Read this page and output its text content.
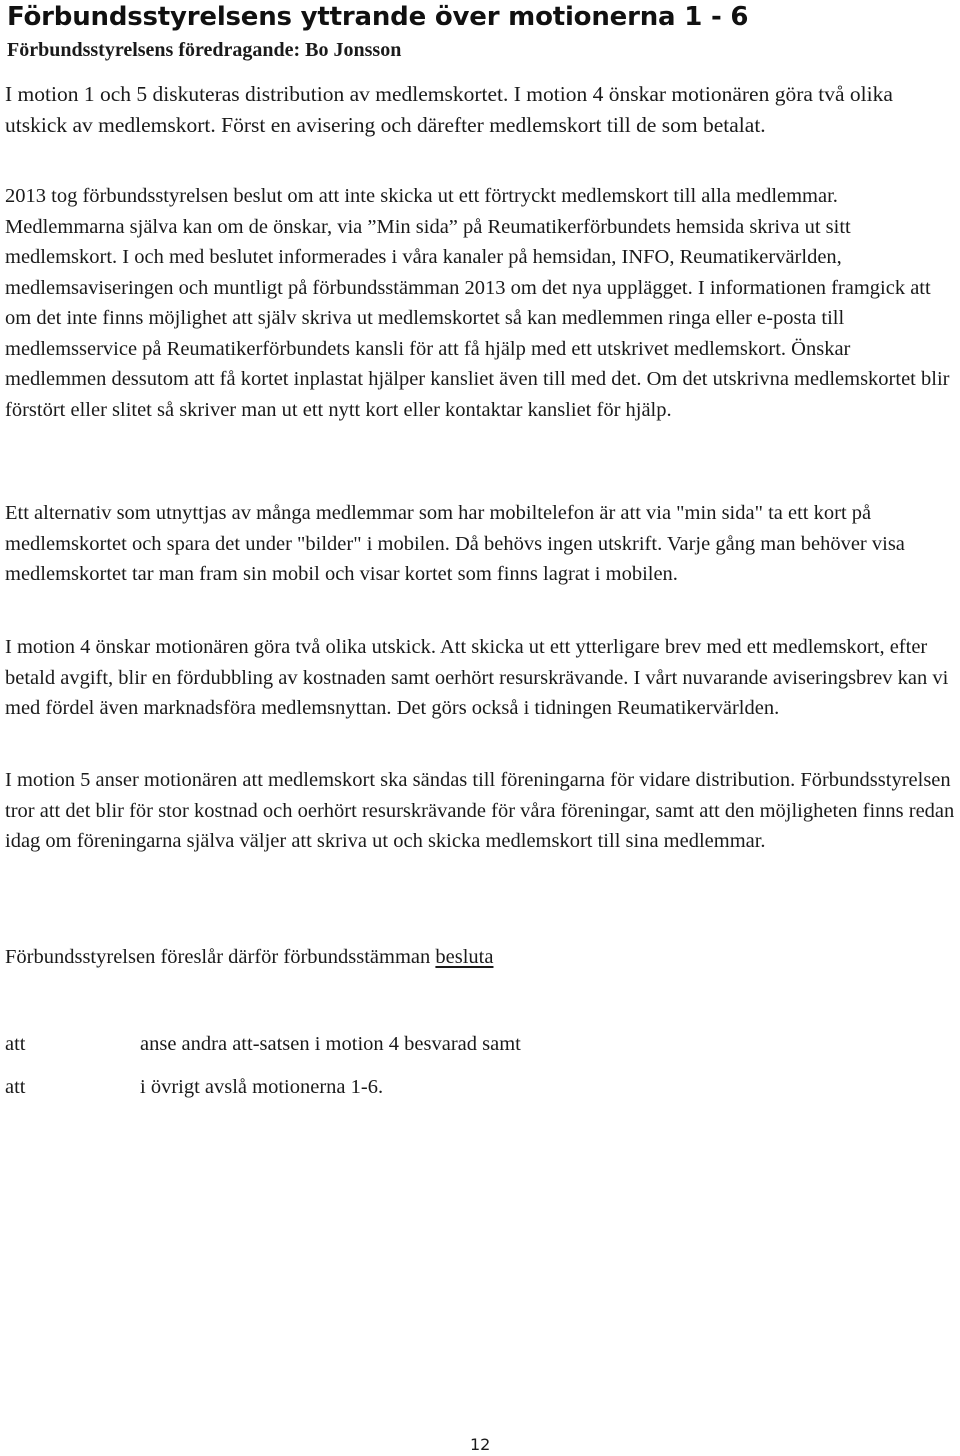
Förbundsstyrelsens yttrande över motionerna 1 - 6

Förbundsstyrelsens föredragande: Bo Jonsson

I motion 1 och 5 diskuteras distribution av medlemskortet. I motion 4 önskar motionären göra två olika utskick av medlemskort. Först en avisering och därefter medlemskort till de som betalat.

2013 tog förbundsstyrelsen beslut om att inte skicka ut ett förtryckt medlemskort till alla medlemmar. Medlemmarna själva kan om de önskar, via ”Min sida” på Reumatikerförbundets hemsida skriva ut sitt medlemskort. I och med beslutet informerades i våra kanaler på hemsidan, INFO, Reumatikervärlden, medlemsaviseringen och muntligt på förbundsstämman 2013 om det nya upplägget. I informationen framgick att om det inte finns möjlighet att själv skriva ut medlemskortet så kan medlemmen ringa eller e-posta till medlemsservice på Reumatikerförbundets kansli för att få hjälp med ett utskrivet medlemskort. Önskar medlemmen dessutom att få kortet inplastat hjälper kansliet även till med det. Om det utskrivna medlemskortet blir förstört eller slitet så skriver man ut ett nytt kort eller kontaktar kansliet för hjälp.

Ett alternativ som utnyttjas av många medlemmar som har mobiltelefon är att via "min sida" ta ett kort på medlemskortet och spara det under "bilder" i mobilen. Då behövs ingen utskrift. Varje gång man behöver visa medlemskortet tar man fram sin mobil och visar kortet som finns lagrat i mobilen.

I motion 4 önskar motionären göra två olika utskick. Att skicka ut ett ytterligare brev med ett medlemskort, efter betald avgift, blir en fördubbling av kostnaden samt oerhört resurskrävande. I vårt nuvarande aviseringsbrev kan vi med fördel även marknadsföra medlemsnyttan. Det görs också i tidningen Reumatikervärlden.

I motion 5 anser motionären att medlemskort ska sändas till föreningarna för vidare distribution. Förbundsstyrelsen tror att det blir för stor kostnad och oerhört resurskrävande för våra föreningar, samt att den möjligheten finns redan idag om föreningarna själva väljer att skriva ut och skicka medlemskort till sina medlemmar.

Förbundsstyrelsen föreslår därför förbundsstämman besluta

att	anse andra att-satsen i motion 4 besvarad samt
att	i övrigt avslå motionerna 1-6.

12
